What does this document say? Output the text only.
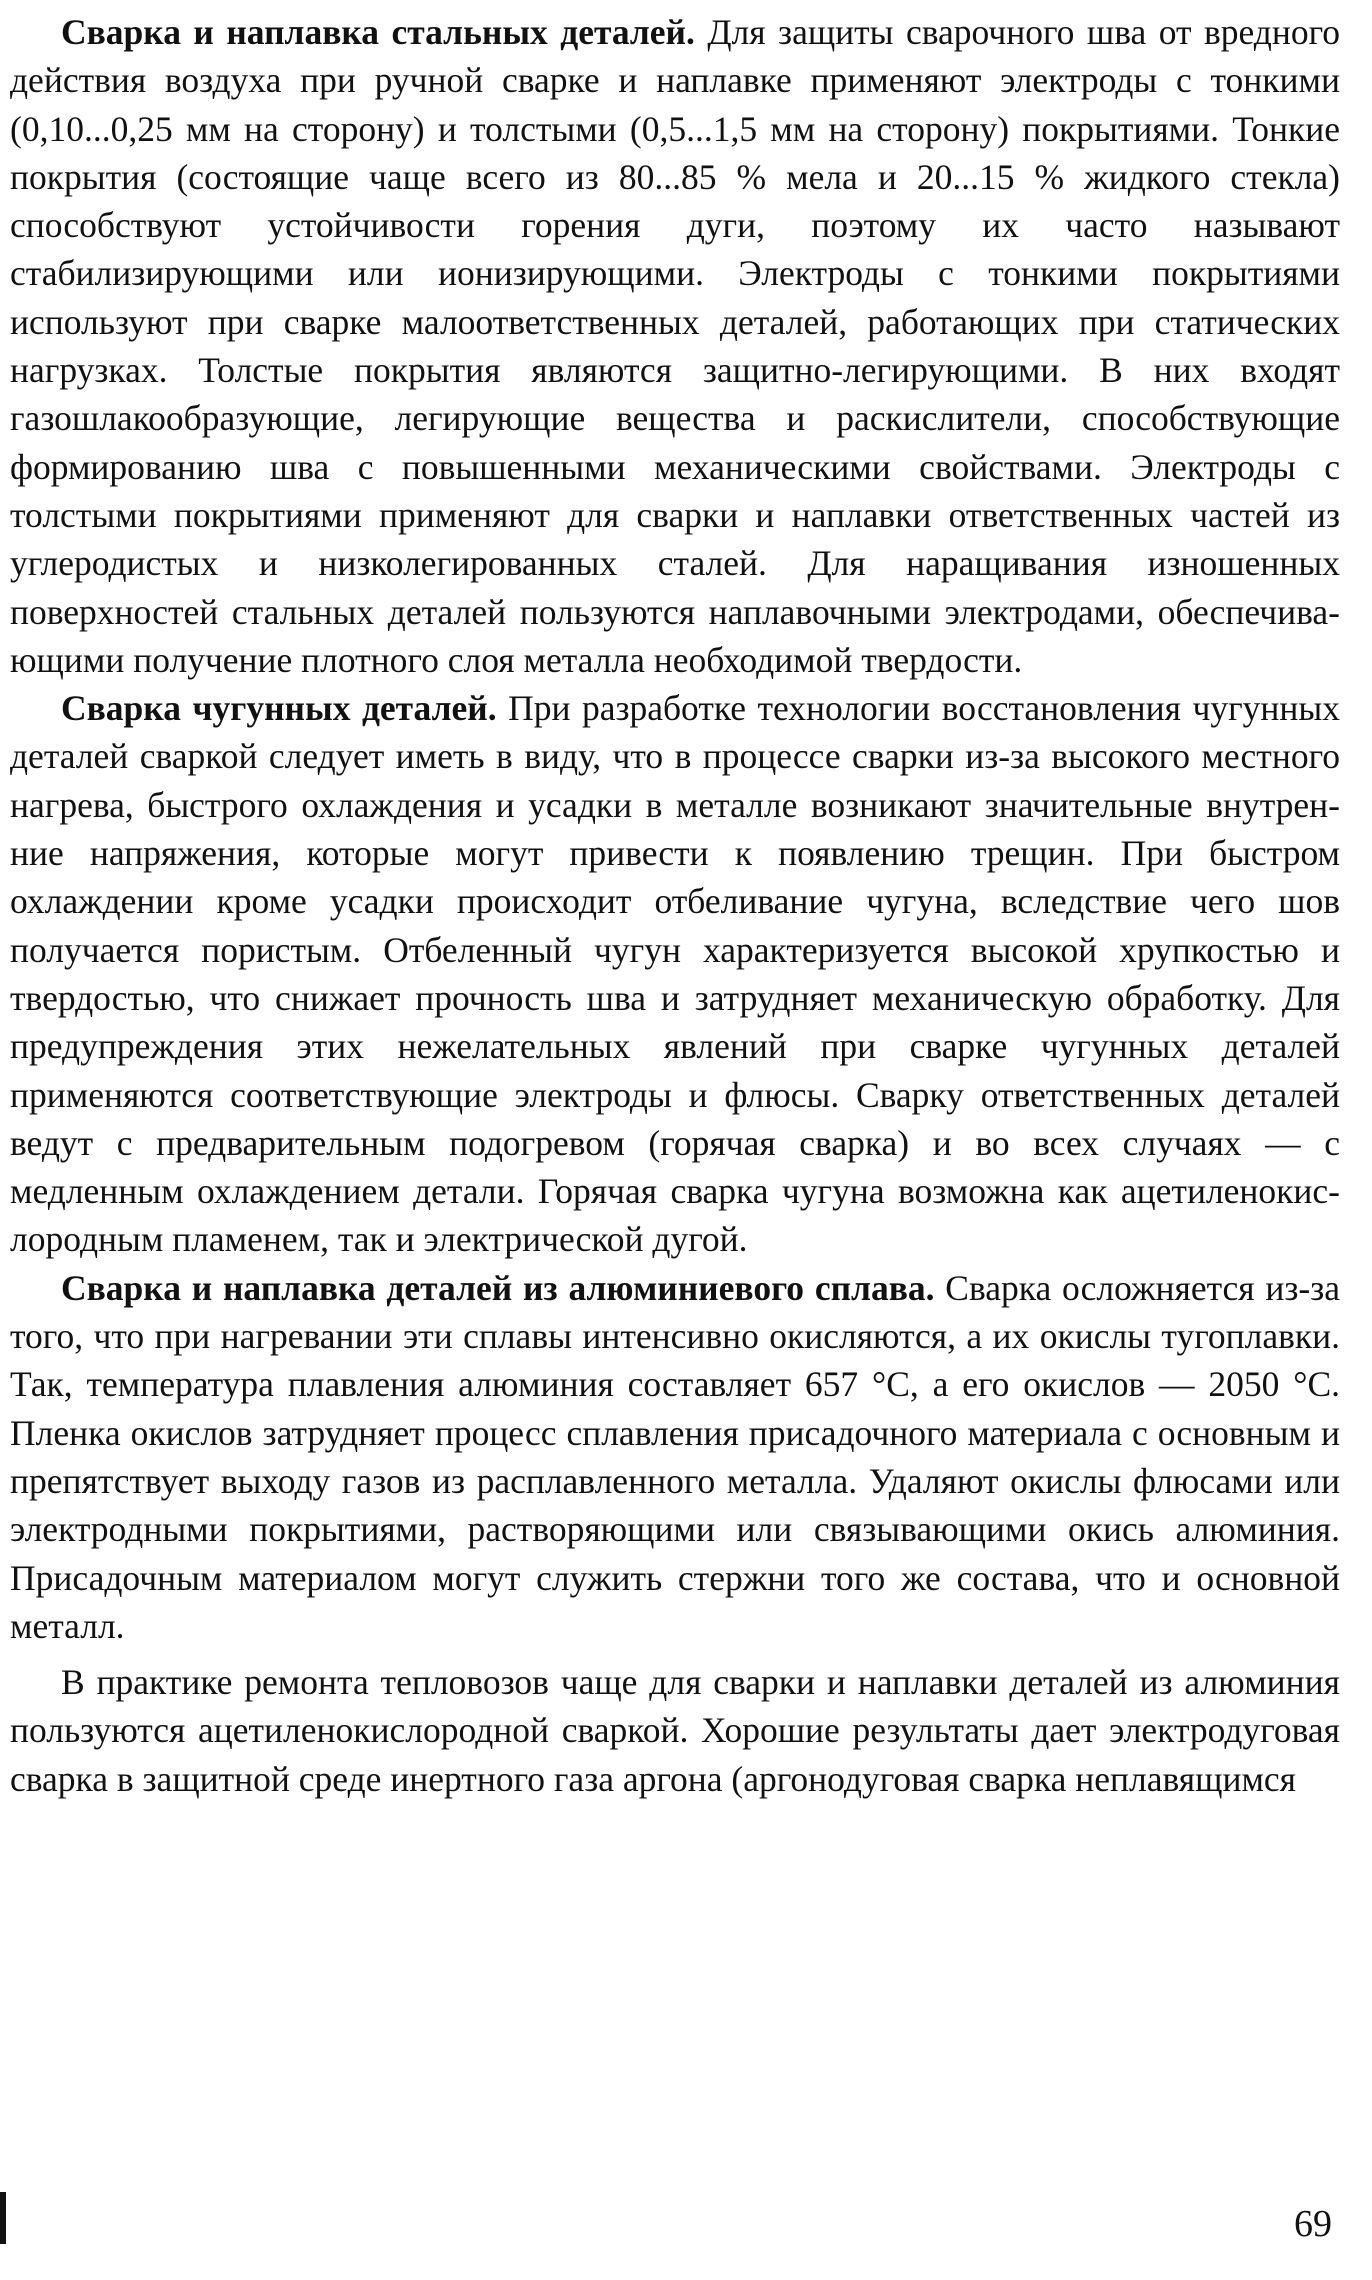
Сварка и наплавка стальных деталей. Для защиты сварочного шва от вредного действия воздуха при ручной сварке и наплавке применяют электроды с тонкими (0,10...0,25 мм на сторону) и толстыми (0,5...1,5 мм на сторону) покрытиями. Тонкие покрытия (состоящие чаще всего из 80...85 % мела и 20...15 % жидкого стекла) способствуют устойчивости горения дуги, поэтому их часто называют стабилизирующими или ионизирующими. Электроды с тонкими покрытиями используют при сварке малоответственных деталей, работающих при статических нагрузках. Толстые покрытия являются защитно-легирующими. В них входят газошлакообразующие, легирующие вещества и раскислители, способствующие формированию шва с повышенными механическими свойствами. Электроды с толстыми покрытиями применяют для сварки и наплавки ответственных частей из углеродистых и низколегированных сталей. Для наращивания изношенных поверхностей стальных деталей пользуются наплавочными электродами, обеспечивающими получение плотного слоя металла необходимой твердости.

Сварка чугунных деталей. При разработке технологии восстановления чугунных деталей сваркой следует иметь в виду, что в процессе сварки из-за высокого местного нагрева, быстрого охлаждения и усадки в металле возникают значительные внутренние напряжения, которые могут привести к появлению трещин. При быстром охлаждении кроме усадки происходит отбеливание чугуна, вследствие чего шов получается пористым. Отбеленный чугун характеризуется высокой хрупкостью и твердостью, что снижает прочность шва и затрудняет механическую обработку. Для предупреждения этих нежелательных явлений при сварке чугунных деталей применяются соответствующие электроды и флюсы. Сварку ответственных деталей ведут с предварительным подогревом (горячая сварка) и во всех случаях — с медленным охлаждением детали. Горячая сварка чугуна возможна как ацетиленокислородным пламенем, так и электрической дугой.

Сварка и наплавка деталей из алюминиевого сплава. Сварка осложняется из-за того, что при нагревании эти сплавы интенсивно окисляются, а их окислы тугоплавки. Так, температура плавления алюминия составляет 657 °С, а его окислов — 2050 °С. Пленка окислов затрудняет процесс сплавления присадочного материала с основным и препятствует выходу газов из расплавленного металла. Удаляют окислы флюсами или электродными покрытиями, растворяющими или связывающими окись алюминия. Присадочным материалом могут служить стержни того же состава, что и основной металл.

В практике ремонта тепловозов чаще для сварки и наплавки деталей из алюминия пользуются ацетиленокислородной сваркой. Хорошие результаты дает электродуговая сварка в защитной среде инертного газа аргона (аргонодуговая сварка неплавящимся

69
